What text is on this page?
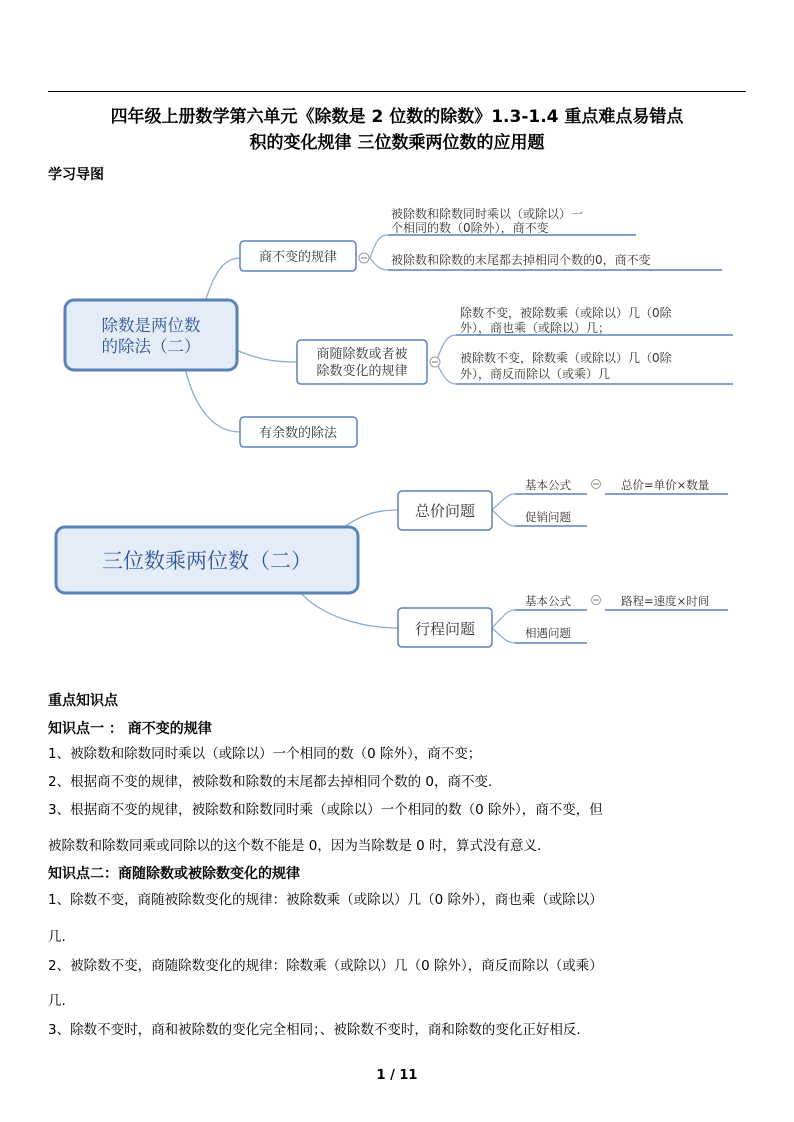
四年级上册数学第六单元《除数是 2 位数的除数》1.3-1.4 重点难点易错点
积的变化规律 三位数乘两位数的应用题
学习导图
除数是两位数
的除法（二）
商不变的规律
被除数和除数同时乘以（或除以）一
个相同的数（0除外），商不变
被除数和除数的末尾都去掉相同个数的0，商不变
商随除数或者被
除数变化的规律
除数不变，被除数乘（或除以）几（0除
外），商也乘（或除以）几；
被除数不变，除数乘（或除以）几（0除
外），商反而除以（或乘）几
有余数的除法
三位数乘两位数（二）
总价问题
基本公式	总价=单价×数量
促销问题
行程问题
基本公式	路程=速度×时间
相遇问题
重点知识点
知识点一 ： 商不变的规律
1、被除数和除数同时乘以（或除以）一个相同的数（0 除外），商不变；
2、根据商不变的规律，被除数和除数的末尾都去掉相同个数的 0，商不变.
3、根据商不变的规律，被除数和除数同时乘（或除以）一个相同的数（0 除外），商不变，但
被除数和除数同乘或同除以的这个数不能是 0，因为当除数是 0 时，算式没有意义.
知识点二：商随除数或被除数变化的规律
1、除数不变，商随被除数变化的规律：被除数乘（或除以）几（0 除外），商也乘（或除以）
几.
2、被除数不变，商随除数变化的规律：除数乘（或除以）几（0 除外），商反而除以（或乘）
几.
3、除数不变时，商和被除数的变化完全相同；、被除数不变时，商和除数的变化正好相反.
1 / 11
